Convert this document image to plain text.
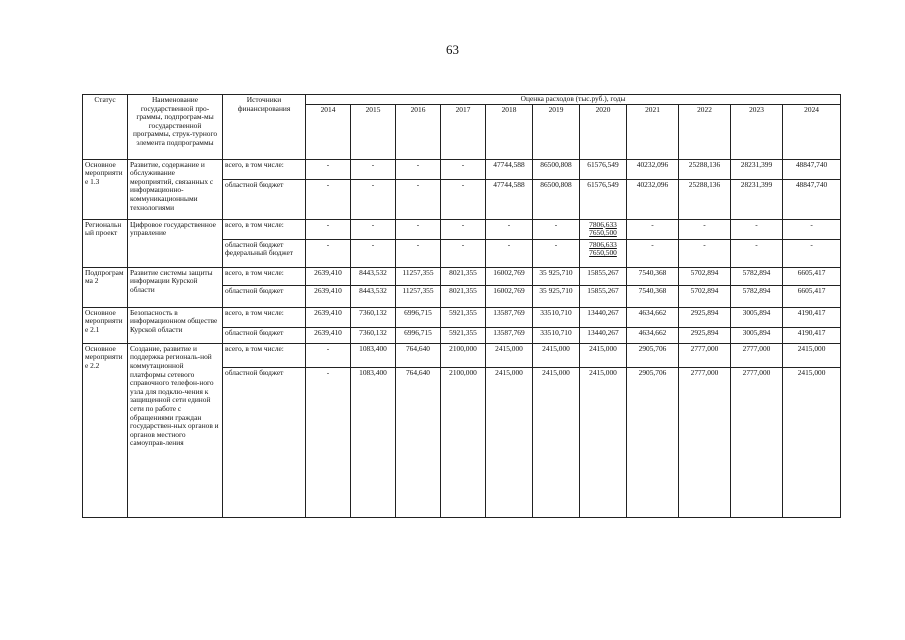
63
Статус	Наименование государственной про-граммы, подпрограм-мы государственной программы, струк-турного элемента подпрограммы	Источники финансирования	Оценка расходов (тыс.руб.), годы										
			2014	2015	2016	2017	2018	2019	2020	2021	2022	2023	2024
Основное мероприятие 1.3	Развитие, содержание и обслуживание мероприятий, связанных с информационно-коммуникационными технологиями	всего, в том числе:	-	-	-	-	47744,588	86500,808	61576,549	40232,096	25288,136	28231,399	48847,740
		областной бюджет	-	-	-	-	47744,588	86500,808	61576,549	40232,096	25288,136	28231,399	48847,740
Региональный проект	Цифровое государственное управление	всего, в том числе:	-	-	-	-	-	-	7806,633 7650,500	-	-	-	-
		областной бюджет федеральный бюджет	-	-	-	-	-	-	7806,633 7650,500	-	-	-	-
Подпрограмма 2	Развитие системы защиты информации Курской области	всего, в том числе:	2639,410	8443,532	11257,355	8021,355	16002,769	35 925,710	15855,267	7540,368	5702,894	5782,894	6605,417
		областной бюджет	2639,410	8443,532	11257,355	8021,355	16002,769	35 925,710	15855,267	7540,368	5702,894	5782,894	6605,417
Основное мероприятие 2.1	Безопасность в информационном обществе Курской области	всего, в том числе:	2639,410	7360,132	6996,715	5921,355	13587,769	33510,710	13440,267	4634,662	2925,894	3005,894	4190,417
		областной бюджет	2639,410	7360,132	6996,715	5921,355	13587,769	33510,710	13440,267	4634,662	2925,894	3005,894	4190,417
Основное мероприятие 2.2	Создание, развитие и поддержка региональ-ной коммутационной платформы сетевого справочного телефон-ного узла для подклю-чения к защищенной сети единой сети по работе с обращениями граждан государствен-ных органов и органов местного самоуправ-ления	всего, в том числе:	-	1083,400	764,640	2100,000	2415,000	2415,000	2415,000	2905,706	2777,000	2777,000	2415,000
		областной бюджет	-	1083,400	764,640	2100,000	2415,000	2415,000	2415,000	2905,706	2777,000	2777,000	2415,000
